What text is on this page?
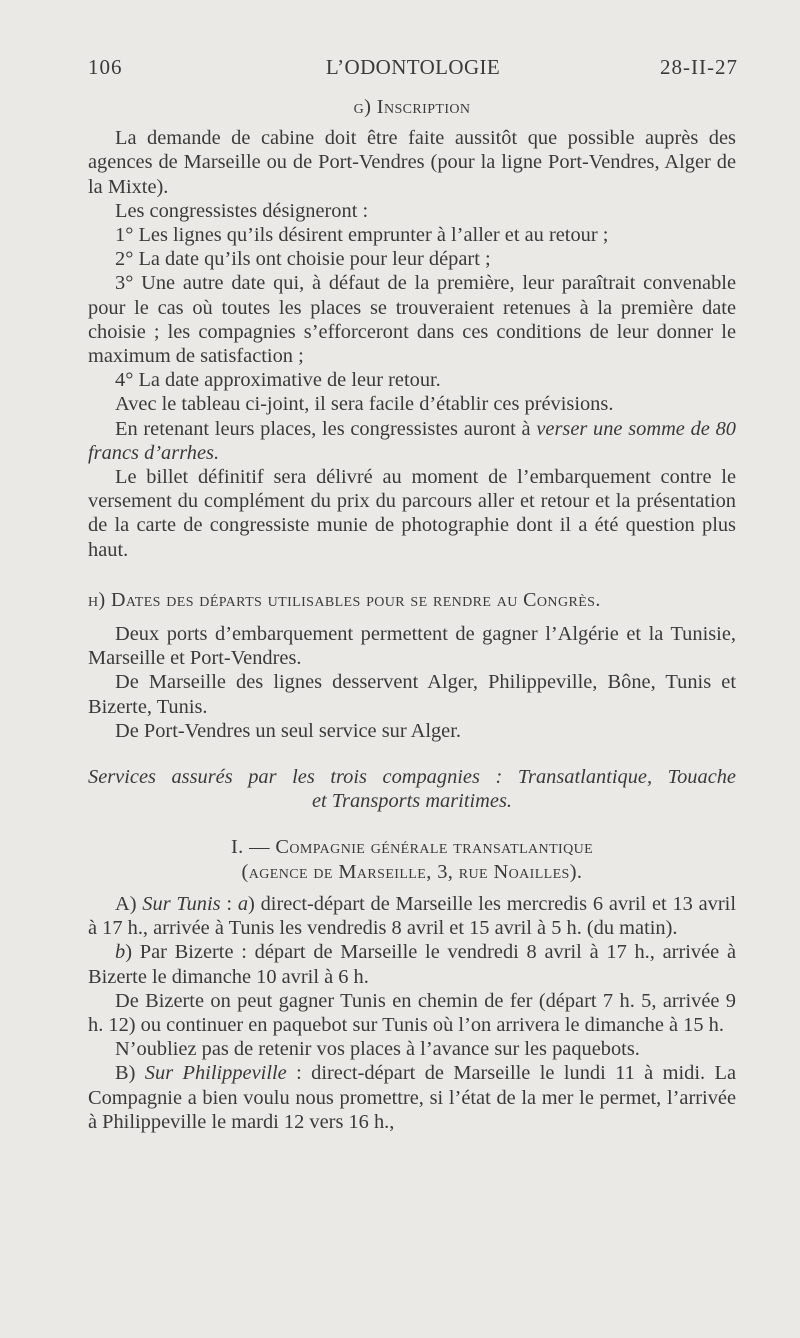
106	L’ODONTOLOGIE	28-II-27

g) Inscription

La demande de cabine doit être faite aussitôt que possible auprès des agences de Marseille ou de Port-Vendres (pour la ligne Port-Vendres, Alger de la Mixte).

Les congressistes désigneront :

1° Les lignes qu’ils désirent emprunter à l’aller et au retour ;

2° La date qu’ils ont choisie pour leur départ ;

3° Une autre date qui, à défaut de la première, leur paraîtrait convenable pour le cas où toutes les places se trouveraient retenues à la première date choisie ; les compagnies s’efforceront dans ces conditions de leur donner le maximum de satisfaction ;

4° La date approximative de leur retour.

Avec le tableau ci-joint, il sera facile d’établir ces prévisions.

En retenant leurs places, les congressistes auront à verser une somme de 80 francs d’arrhes.

Le billet définitif sera délivré au moment de l’embarquement contre le versement du complément du prix du parcours aller et retour et la présentation de la carte de congressiste munie de photographie dont il a été question plus haut.

h) Dates des départs utilisables pour se rendre au Congrès.

Deux ports d’embarquement permettent de gagner l’Algérie et la Tunisie, Marseille et Port-Vendres.

De Marseille des lignes desservent Alger, Philippeville, Bône, Tunis et Bizerte, Tunis.

De Port-Vendres un seul service sur Alger.

Services assurés par les trois compagnies : Transatlantique, Touache

et Transports maritimes.

I. — Compagnie générale transatlantique

(agence de Marseille, 3, rue Noailles).

A) Sur Tunis : a) direct-départ de Marseille les mercredis 6 avril et 13 avril à 17 h., arrivée à Tunis les vendredis 8 avril et 15 avril à 5 h. (du matin).

b) Par Bizerte : départ de Marseille le vendredi 8 avril à 17 h., arrivée à Bizerte le dimanche 10 avril à 6 h.

De Bizerte on peut gagner Tunis en chemin de fer (départ 7 h. 5, arrivée 9 h. 12) ou continuer en paquebot sur Tunis où l’on arrivera le dimanche à 15 h.

N’oubliez pas de retenir vos places à l’avance sur les paquebots.

B) Sur Philippeville : direct-départ de Marseille le lundi 11 à midi. La Compagnie a bien voulu nous promettre, si l’état de la mer le permet, l’arrivée à Philippeville le mardi 12 vers 16 h.,
